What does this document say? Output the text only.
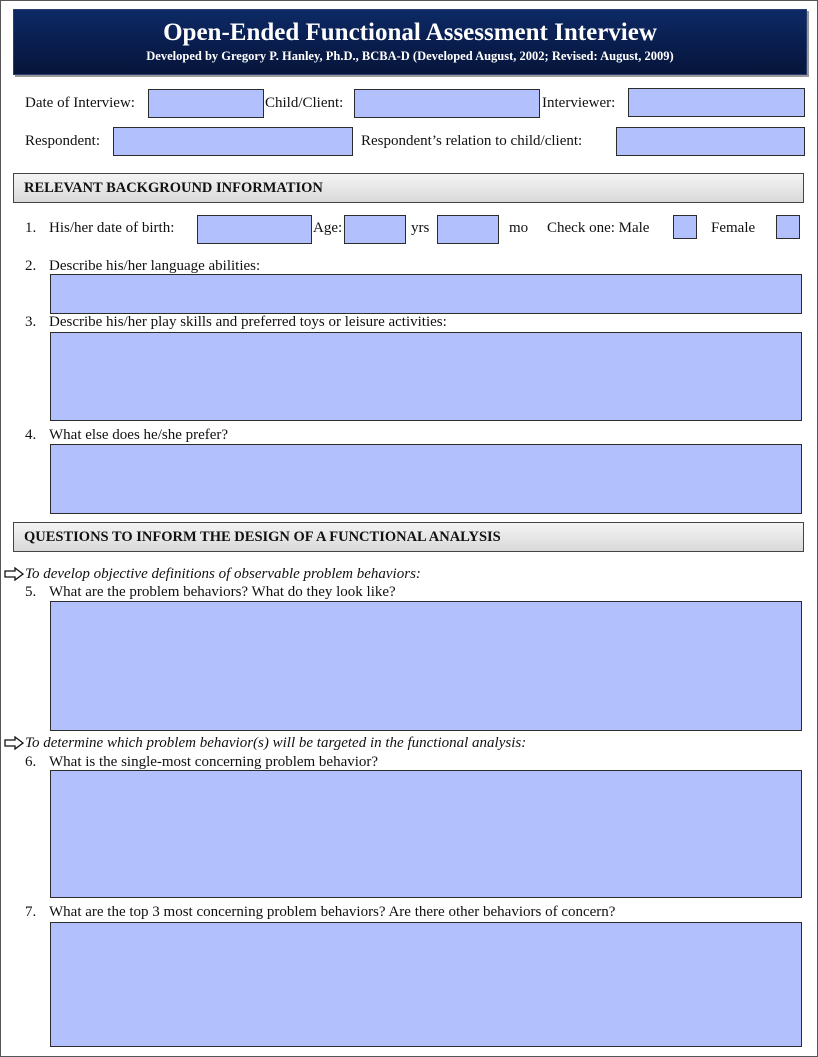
Open-Ended Functional Assessment Interview
Developed by Gregory P. Hanley, Ph.D., BCBA-D (Developed August, 2002; Revised: August, 2009)
Date of Interview:	Child/Client:	Interviewer:
Respondent:	Respondent’s relation to child/client:
RELEVANT BACKGROUND INFORMATION
1. His/her date of birth:	Age:	yrs	mo Check one: Male	Female
2. Describe his/her language abilities:
3. Describe his/her play skills and preferred toys or leisure activities:
4. What else does he/she prefer?
QUESTIONS TO INFORM THE DESIGN OF A FUNCTIONAL ANALYSIS
To develop objective definitions of observable problem behaviors:
5. What are the problem behaviors? What do they look like?
To determine which problem behavior(s) will be targeted in the functional analysis:
6. What is the single-most concerning problem behavior?
7. What are the top 3 most concerning problem behaviors? Are there other behaviors of concern?
